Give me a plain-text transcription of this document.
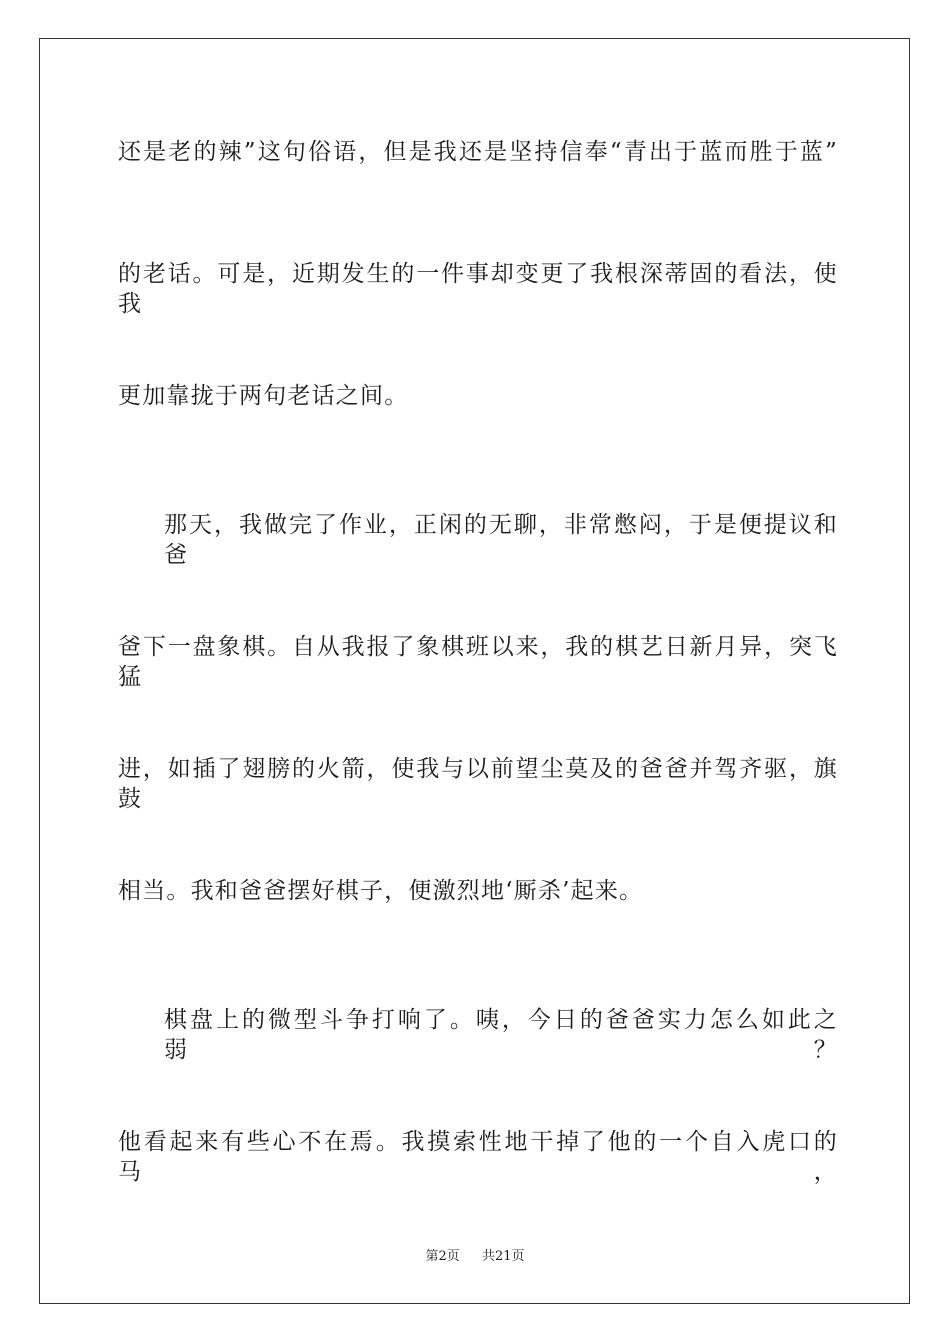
还是老的辣”这句俗语，但是我还是坚持信奉“青出于蓝而胜于蓝”
的老话。可是，近期发生的一件事却变更了我根深蒂固的看法，使我
更加靠拢于两句老话之间。
那天，我做完了作业，正闲的无聊，非常憋闷，于是便提议和爸
爸下一盘象棋。自从我报了象棋班以来，我的棋艺日新月异，突飞猛
进，如插了翅膀的火箭，使我与以前望尘莫及的爸爸并驾齐驱，旗鼓
相当。我和爸爸摆好棋子，便激烈地‘厮杀’起来。
棋盘上的微型斗争打响了。咦，今日的爸爸实力怎么如此之弱？
他看起来有些心不在焉。我摸索性地干掉了他的一个自入虎口的马，
第2页 共21页
